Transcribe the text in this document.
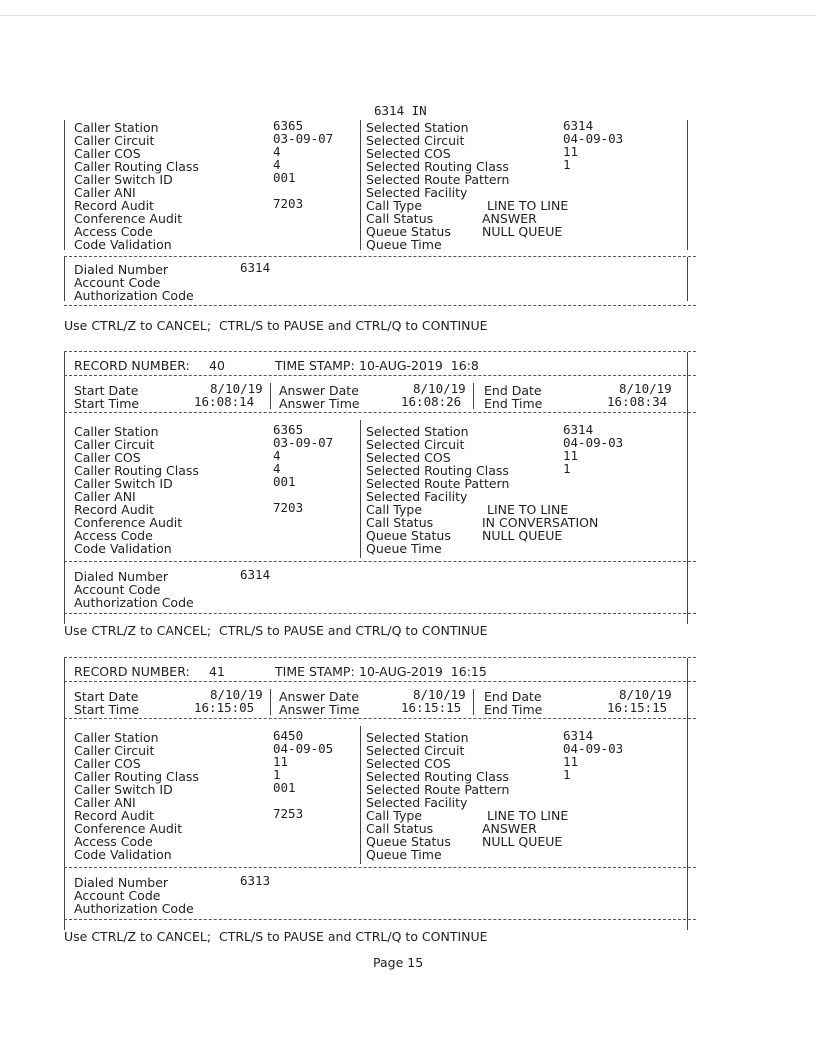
6314 IN
Caller Station	6365
Caller Circuit	03-09-07
Caller COS	4
Caller Routing Class	4
Caller Switch ID	001
Caller ANI
Record Audit	7203
Conference Audit
Access Code
Code Validation
Selected Station	6314
Selected Circuit	04-09-03
Selected COS	11
Selected Routing Class	1
Selected Route Pattern
Selected Facility
Call Type	LINE TO LINE
Call Status	ANSWER
Queue Status NULL QUEUE
Queue Time
Dialed Number	6314
Account Code
Authorization Code
Use CTRL/Z to CANCEL;  CTRL/S to PAUSE and CTRL/Q to CONTINUE
RECORD NUMBER: 40	TIME STAMP: 10-AUG-2019  16:8
Start Date	8/10/19 Answer Date	8/10/19 End Date	8/10/19
Start Time	16:08:14 Answer Time	16:08:26 End Time	16:08:34
Caller Station	6365
Caller Circuit	03-09-07
Caller COS	4
Caller Routing Class	4
Caller Switch ID	001
Caller ANI
Record Audit	7203
Conference Audit
Access Code
Code Validation
Selected Station	6314
Selected Circuit	04-09-03
Selected COS	11
Selected Routing Class	1
Selected Route Pattern
Selected Facility
Call Type	LINE TO LINE
Call Status	IN CONVERSATION
Queue Status NULL QUEUE
Queue Time
Dialed Number	6314
Account Code
Authorization Code
Use CTRL/Z to CANCEL;  CTRL/S to PAUSE and CTRL/Q to CONTINUE
RECORD NUMBER: 41	TIME STAMP: 10-AUG-2019  16:15
Start Date	8/10/19 Answer Date	8/10/19 End Date	8/10/19
Start Time	16:15:05 Answer Time	16:15:15 End Time	16:15:15
Caller Station	6450
Caller Circuit	04-09-05
Caller COS	11
Caller Routing Class	1
Caller Switch ID	001
Caller ANI
Record Audit	7253
Conference Audit
Access Code
Code Validation
Selected Station	6314
Selected Circuit	04-09-03
Selected COS	11
Selected Routing Class	1
Selected Route Pattern
Selected Facility
Call Type	LINE TO LINE
Call Status	ANSWER
Queue Status NULL QUEUE
Queue Time
Dialed Number	6313
Account Code
Authorization Code
Use CTRL/Z to CANCEL;  CTRL/S to PAUSE and CTRL/Q to CONTINUE
Page 15
